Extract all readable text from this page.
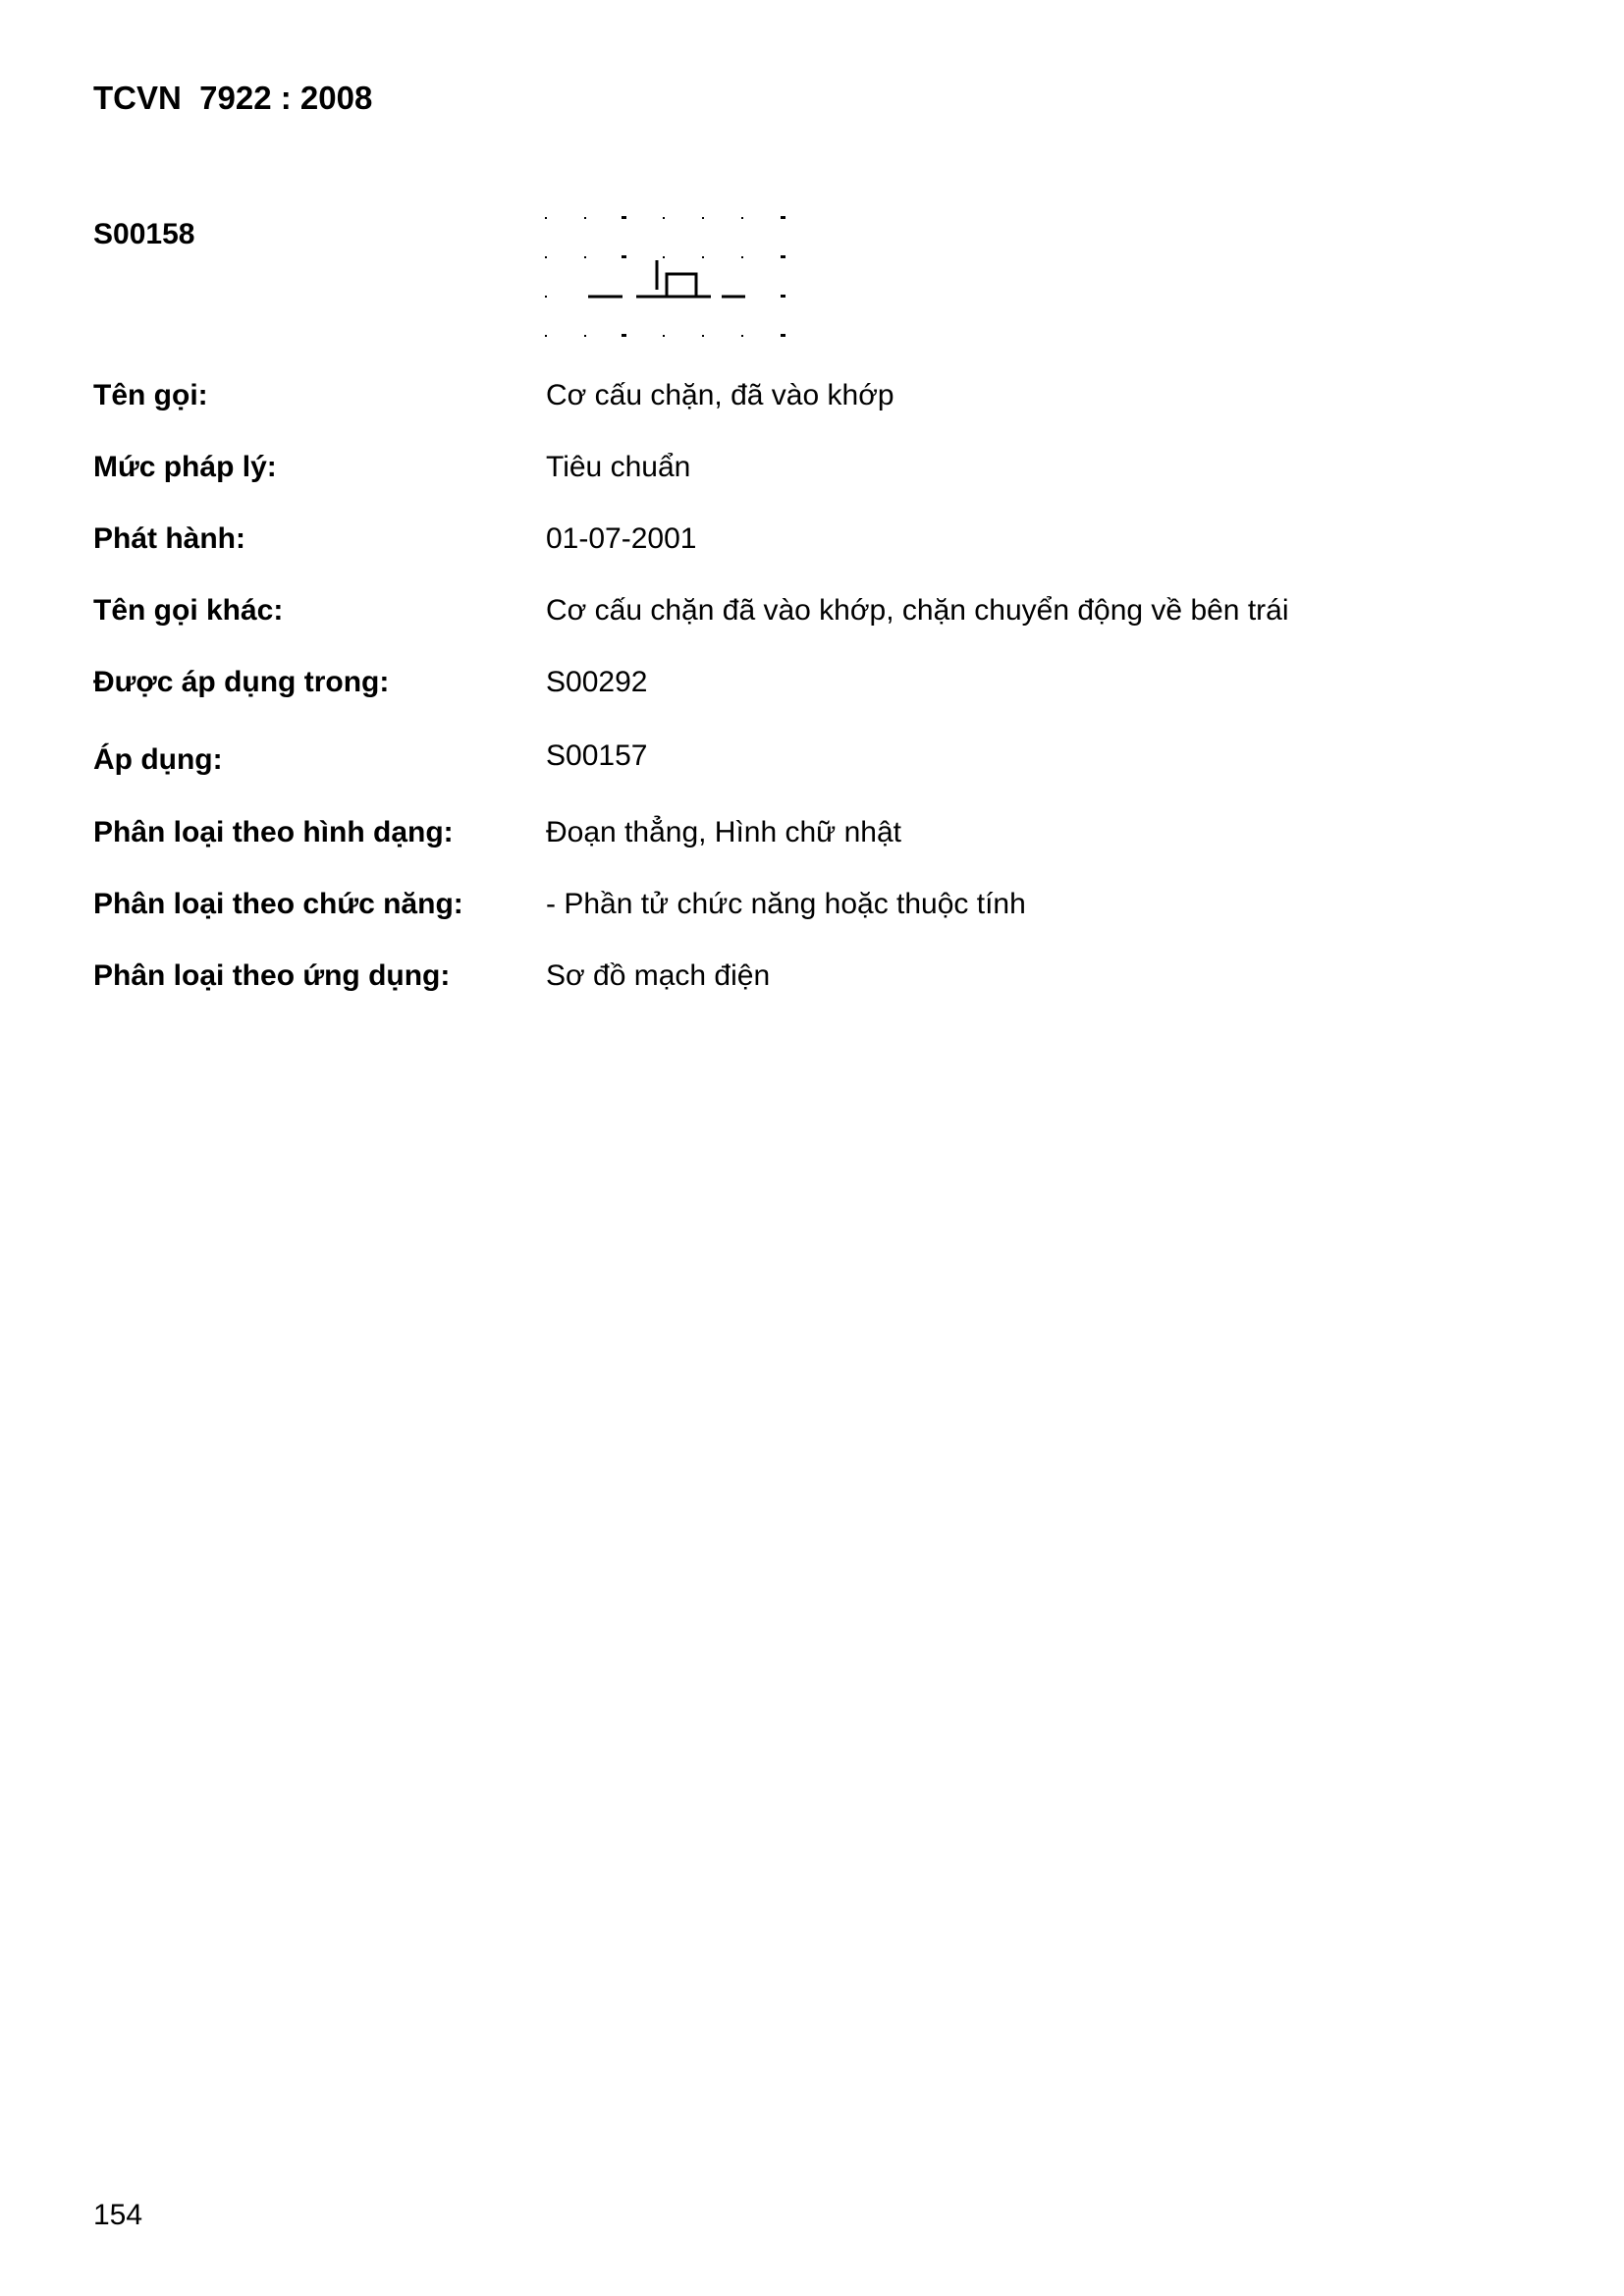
TCVN  7922 : 2008
S00158
Tên gọi:	Cơ cấu chặn, đã vào khớp
Mức pháp lý:	Tiêu chuẩn
Phát hành:	01-07-2001
Tên gọi khác:	Cơ cấu chặn đã vào khớp, chặn chuyển động về bên trái
Được áp dụng trong:	S00292
Áp dụng:	S00157
Phân loại theo hình dạng:	Đoạn thẳng, Hình chữ nhật
Phân loại theo chức năng:	- Phần tử chức năng hoặc thuộc tính
Phân loại theo ứng dụng:	Sơ đồ mạch điện
154
